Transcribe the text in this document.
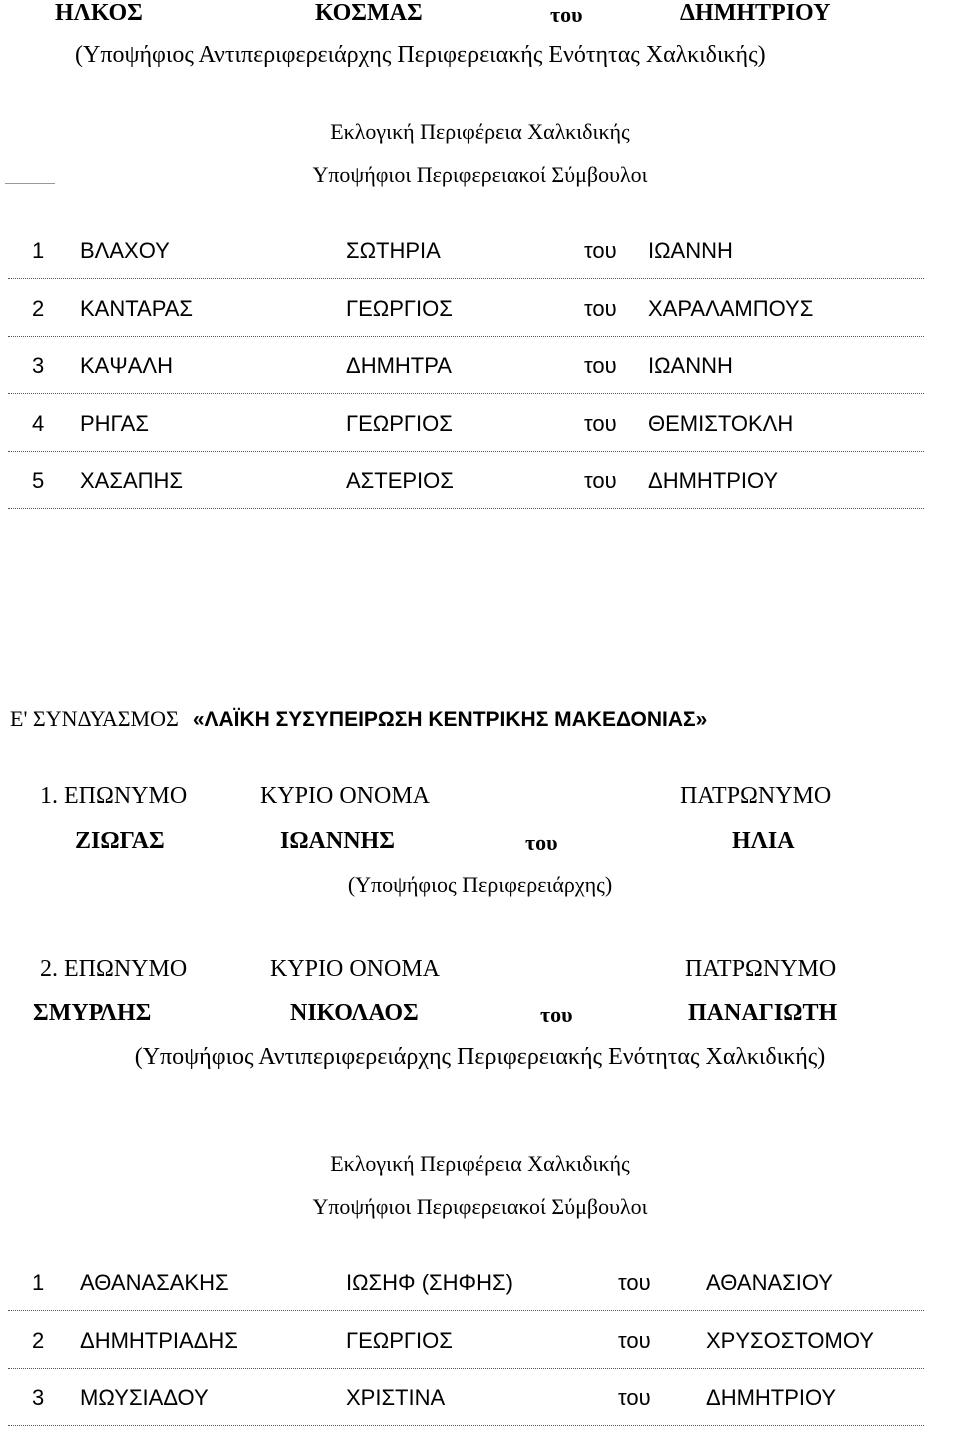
ΗΛΚΟΣ	ΚΟΣΜΑΣ	του	ΔΗΜΗΤΡΙΟΥ
(Υποψήφιος Αντιπεριφερειάρχης Περιφερειακής Ενότητας Χαλκιδικής)
Εκλογική Περιφέρεια Χαλκιδικής
Υποψήφιοι Περιφερειακοί Σύμβουλοι
1 ΒΛΑΧΟΥ	ΣΩΤΗΡΙΑ	του ΙΩΑΝΝΗ
2 ΚΑΝΤΑΡΑΣ	ΓΕΩΡΓΙΟΣ	του ΧΑΡΑΛΑΜΠΟΥΣ
3 ΚΑΨΑΛΗ	ΔΗΜΗΤΡΑ	του ΙΩΑΝΝΗ
4 ΡΗΓΑΣ	ΓΕΩΡΓΙΟΣ	του ΘΕΜΙΣΤΟΚΛΗ
5 ΧΑΣΑΠΗΣ	ΑΣΤΕΡΙΟΣ	του ΔΗΜΗΤΡΙΟΥ
Ε' ΣΥΝΔΥΑΣΜΟΣ «ΛΑΪΚΗ ΣΥΣΥΠΕΙΡΩΣΗ ΚΕΝΤΡΙΚΗΣ ΜΑΚΕΔΟΝΙΑΣ»
1. ΕΠΩΝΥΜΟ	ΚΥΡΙΟ ΟΝΟΜΑ	ΠΑΤΡΩΝΥΜΟ
ΖΙΩΓΑΣ	ΙΩΑΝΝΗΣ	του	ΗΛΙΑ
(Υποψήφιος Περιφερειάρχης)
2. ΕΠΩΝΥΜΟ	ΚΥΡΙΟ ΟΝΟΜΑ	ΠΑΤΡΩΝΥΜΟ
ΣΜΥΡΛΗΣ	ΝΙΚΟΛΑΟΣ	του	ΠΑΝΑΓΙΩΤΗ
(Υποψήφιος Αντιπεριφερειάρχης Περιφερειακής Ενότητας Χαλκιδικής)
Εκλογική Περιφέρεια Χαλκιδικής
Υποψήφιοι Περιφερειακοί Σύμβουλοι
1 ΑΘΑΝΑΣΑΚΗΣ	ΙΩΣΗΦ (ΣΗΦΗΣ)	του	ΑΘΑΝΑΣΙΟΥ
2 ΔΗΜΗΤΡΙΑΔΗΣ	ΓΕΩΡΓΙΟΣ	του	ΧΡΥΣΟΣΤΟΜΟΥ
3 ΜΩΥΣΙΑΔΟΥ	ΧΡΙΣΤΙΝΑ	του	ΔΗΜΗΤΡΙΟΥ
